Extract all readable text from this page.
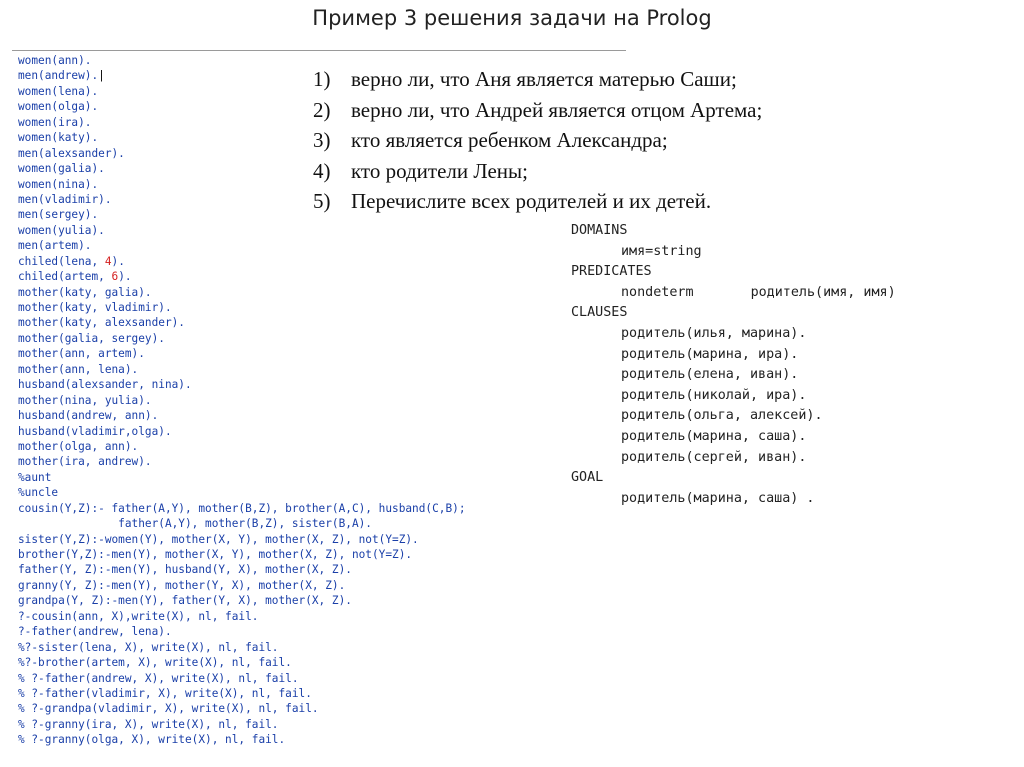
Пример 3 решения задачи на Prolog
women(ann).
men(andrew).|
women(lena).
women(olga).
women(ira).
women(katy).
men(alexsander).
women(galia).
women(nina).
men(vladimir).
men(sergey).
women(yulia).
men(artem).
chiled(lena, 4).
chiled(artem, 6).
mother(katy, galia).
mother(katy, vladimir).
mother(katy, alexsander).
mother(galia, sergey).
mother(ann, artem).
mother(ann, lena).
husband(alexsander, nina).
mother(nina, yulia).
husband(andrew, ann).
husband(vladimir,olga).
mother(olga, ann).
mother(ira, andrew).
%aunt
%uncle
cousin(Y,Z):- father(A,Y), mother(B,Z), brother(A,C), husband(C,B);
father(A,Y), mother(B,Z), sister(B,A).
sister(Y,Z):-women(Y), mother(X, Y), mother(X, Z), not(Y=Z).
brother(Y,Z):-men(Y), mother(X, Y), mother(X, Z), not(Y=Z).
father(Y, Z):-men(Y), husband(Y, X), mother(X, Z).
granny(Y, Z):-men(Y), mother(Y, X), mother(X, Z).
grandpa(Y, Z):-men(Y), father(Y, X), mother(X, Z).
?-cousin(ann, X),write(X), nl, fail.
?-father(andrew, lena).
%?-sister(lena, X), write(X), nl, fail.
%?-brother(artem, X), write(X), nl, fail.
% ?-father(andrew, X), write(X), nl, fail.
% ?-father(vladimir, X), write(X), nl, fail.
% ?-grandpa(vladimir, X), write(X), nl, fail.
% ?-granny(ira, X), write(X), nl, fail.
% ?-granny(olga, X), write(X), nl, fail.
1) верно ли, что Аня является матерью Саши;
2) верно ли, что Андрей является отцом Артема;
3) кто является ребенком Александра;
4) кто родители Лены;
5) Перечислите всех родителей и их детей.
DOMAINS
имя=string
PREDICATES
nondeterm	родитель(имя, имя)
CLAUSES
родитель(илья, марина).
родитель(марина, ира).
родитель(елена, иван).
родитель(николай, ира).
родитель(ольга, алексей).
родитель(марина, саша).
родитель(сергей, иван).
GOAL
родитель(марина, саша) .
